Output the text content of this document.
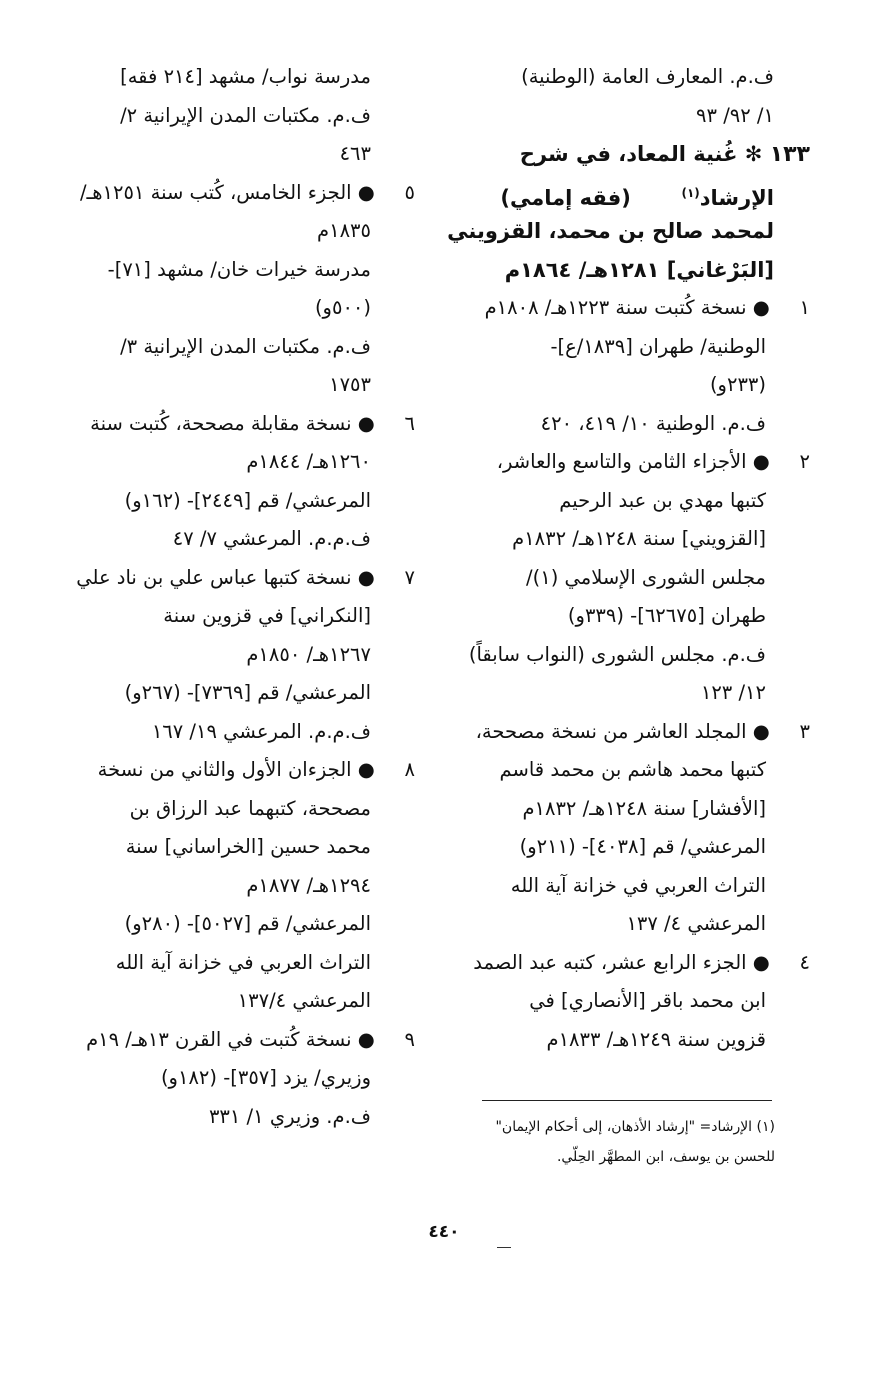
ف.م. المعارف العامة (الوطنية)
١/ ٩٢/ ٩٣
١٣٣ ✻ غُنية المعاد، في شرح
الإرشاد$^{(١)}$  (فقه إمامي)
لمحمد صالح بن محمد، القزويني
[البَرْغاني] ١٢٨١هـ/ ١٨٦٤م
١ ● نسخة كُتبت سنة ١٢٢٣هـ/ ١٨٠٨م
الوطنية/ طهران [١٨٣٩/ع]-
(٢٣٣و)
ف.م. الوطنية ١٠/ ٤١٩، ٤٢٠
٢ ● الأجزاء الثامن والتاسع والعاشر،
كتبها مهدي بن عبد الرحيم
[القزويني] سنة ١٢٤٨هـ/ ١٨٣٢م
مجلس الشورى الإسلامي (١)/
طهران [٦٢٦٧٥]- (٣٣٩و)
ف.م. مجلس الشورى (النواب سابقاً)
١٢/ ١٢٣
٣ ● المجلد العاشر من نسخة مصححة،
كتبها محمد هاشم بن محمد قاسم
[الأفشار] سنة ١٢٤٨هـ/ ١٨٣٢م
المرعشي/ قم [٤٠٣٨]- (٢١١و)
التراث العربي في خزانة آية الله
المرعشي ٤/ ١٣٧
٤ ● الجزء الرابع عشر، كتبه عبد الصمد
ابن محمد باقر [الأنصاري] في
قزوين سنة ١٢٤٩هـ/ ١٨٣٣م
مدرسة نواب/ مشهد [٢١٤ فقه]
ف.م. مكتبات المدن الإيرانية ٢/
٤٦٣
٥ ● الجزء الخامس، كُتب سنة ١٢٥١هـ/
١٨٣٥م
مدرسة خيرات خان/ مشهد [٧١]-
(٥٠٠و)
ف.م. مكتبات المدن الإيرانية ٣/
١٧٥٣
٦ ● نسخة مقابلة مصححة، كُتبت سنة
١٢٦٠هـ/ ١٨٤٤م
المرعشي/ قم [٢٤٤٩]- (١٦٢و)
ف.م.م. المرعشي ٧/ ٤٧
٧ ● نسخة كتبها عباس علي بن ناد علي
[النكراني] في قزوين سنة
١٢٦٧هـ/ ١٨٥٠م
المرعشي/ قم [٧٣٦٩]- (٢٦٧و)
ف.م.م. المرعشي ١٩/ ١٦٧
٨ ● الجزءان الأول والثاني من نسخة
مصححة، كتبهما عبد الرزاق بن
محمد حسين [الخراساني] سنة
١٢٩٤هـ/ ١٨٧٧م
المرعشي/ قم [٥٠٢٧]- (٢٨٠و)
التراث العربي في خزانة آية الله
المرعشي ١٣٧/٤
٩ ● نسخة كُتبت في القرن ١٣هـ/ ١٩م
وزيري/ يزد [٣٥٧]- (١٨٢و)
ف.م. وزيري ١/ ٣٣١	(١) الإرشاد= "إرشاد الأذهان، إلى أحكام الإيمان"
للحسن بن يوسف، ابن المطهَّر الحِلّي.
٤٤٠
